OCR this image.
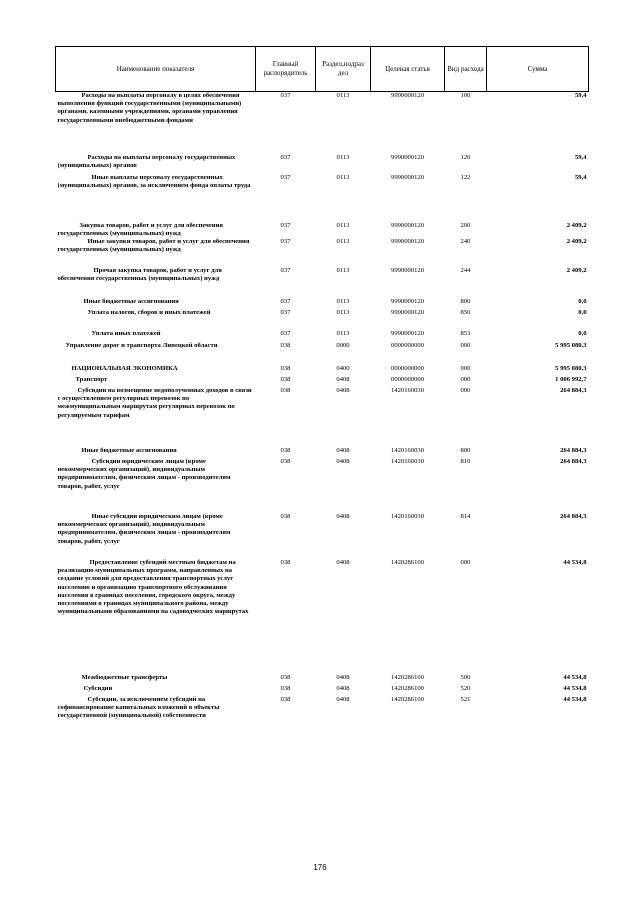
Наименование показателя	Главный распорядитель	Раздел,подраз дел	Целевая статья	Вид расхода	Сумма
Расходы на выплаты персоналу в целях обеспечения выполнения функций государственными (муниципальными) органами, казенными учреждениями, органами управления государственными внебюджетными фондами	037	0113	9990000120	100	59,4
Расходы на выплаты персоналу государственных (муниципальных) органов	037	0113	9990000120	120	59,4
Иные выплаты персоналу государственных (муниципальных) органов, за исключением фонда оплаты труда	037	0113	9990000120	122	59,4
Закупка товаров, работ и услуг для обеспечения государственных (муниципальных) нужд	037	0113	9990000120	200	2 409,2
Иные закупки товаров, работ и услуг для обеспечения государственных (муниципальных) нужд	037	0113	9990000120	240	2 409,2
Прочая закупка товаров, работ и услуг для обеспечения государственных (муниципальных) нужд	037	0113	9990000120	244	2 409,2
Иные бюджетные ассигнования	037	0113	9990000120	800	0,0
Уплата налогов, сборов и иных платежей	037	0113	9990000120	850	0,0
Уплата иных платежей	037	0113	9990000120	853	0,0
Управление дорог и транспорта Липецкой области	038	0000	0000000000	000	5 995 080,3
НАЦИОНАЛЬНАЯ ЭКОНОМИКА	038	0400	0000000000	000	5 995 080,3
Транспорт	038	0408	0000000000	000	1 006 992,7
Субсидии на возмещение недополученных доходов в связи с осуществлением регулярных перевозок по межмуниципальным маршрутам регулярных перевозок по регулируемым тарифам	038	0408	1420160030	000	264 884,3
Иные бюджетные ассигнования	038	0408	1420160030	800	264 884,3
Субсидии юридическим лицам (кроме некоммерческих организаций), индивидуальным предпринимателям, физическим лицам - производителям товаров, работ, услуг	038	0408	1420160030	810	264 884,3
Иные субсидии юридическим лицам (кроме некоммерческих организаций), индивидуальным предпринимателям, физическим лицам - производителям товаров, работ, услуг	038	0408	1420160030	814	264 884,3
Предоставление субсидий местным бюджетам на реализацию муниципальных программ, направленных на создание условий для предоставления транспортных услуг населению и организацию транспортного обслуживания населения в границах поселения, городского округа, между поселениями в границах муниципального района, между муниципальными образованиями на садоводческих маршрутах	038	0408	1420286100	000	44 534,8
Межбюджетные трансферты	038	0408	1420286100	500	44 534,8
Субсидии	038	0408	1420286100	520	44 534,8
Субсидии, за исключением субсидий на софинансирование капитальных вложений в объекты государственной (муниципальной) собственности	038	0408	1420286100	521	44 534,8
176
